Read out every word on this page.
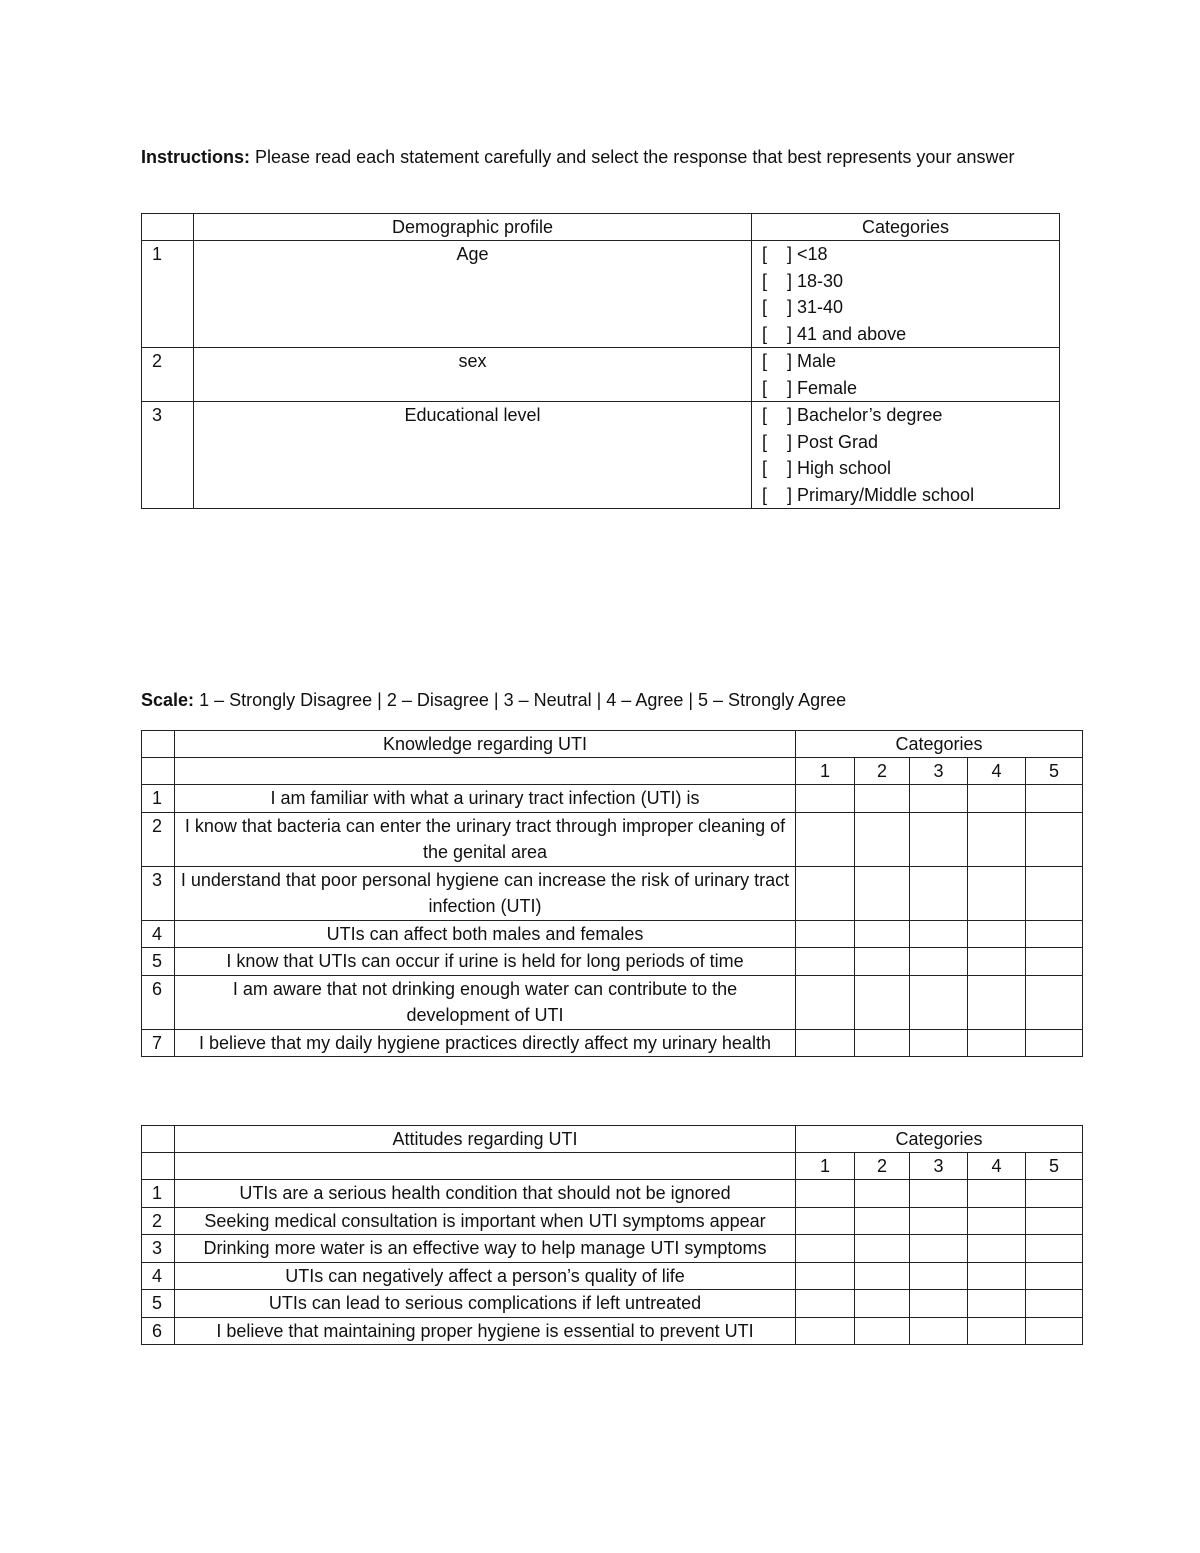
Instructions: Please read each statement carefully and select the response that best represents your answer
	Demographic profile	Categories
1	Age	[    ] <18
[    ] 18-30
[    ] 31-40
[    ] 41 and above

2	sex	[    ] Male
[    ] Female

3	Educational level	[    ] Bachelor’s degree
[    ] Post Grad
[    ] High school
[    ] Primary/Middle school
Scale: 1 – Strongly Disagree | 2 – Disagree | 3 – Neutral | 4 – Agree | 5 – Strongly Agree
	Knowledge regarding UTI	Categories				
		1	2	3	4	5
1	I am familiar with what a urinary tract infection (UTI) is					
2	I know that bacteria can enter the urinary tract through improper cleaning of the genital area					
3	I understand that poor personal hygiene can increase the risk of urinary tract infection (UTI)					
4	UTIs can affect both males and females					
5	I know that UTIs can occur if urine is held for long periods of time					
6	I am aware that not drinking enough water can contribute to the development of UTI					
7	I believe that my daily hygiene practices directly affect my urinary health					
	Attitudes regarding UTI	Categories				
		1	2	3	4	5
1	UTIs are a serious health condition that should not be ignored					
2	Seeking medical consultation is important when UTI symptoms appear					
3	Drinking more water is an effective way to help manage UTI symptoms					
4	UTIs can negatively affect a person’s quality of life					
5	UTIs can lead to serious complications if left untreated					
6	I believe that maintaining proper hygiene is essential to prevent UTI					
